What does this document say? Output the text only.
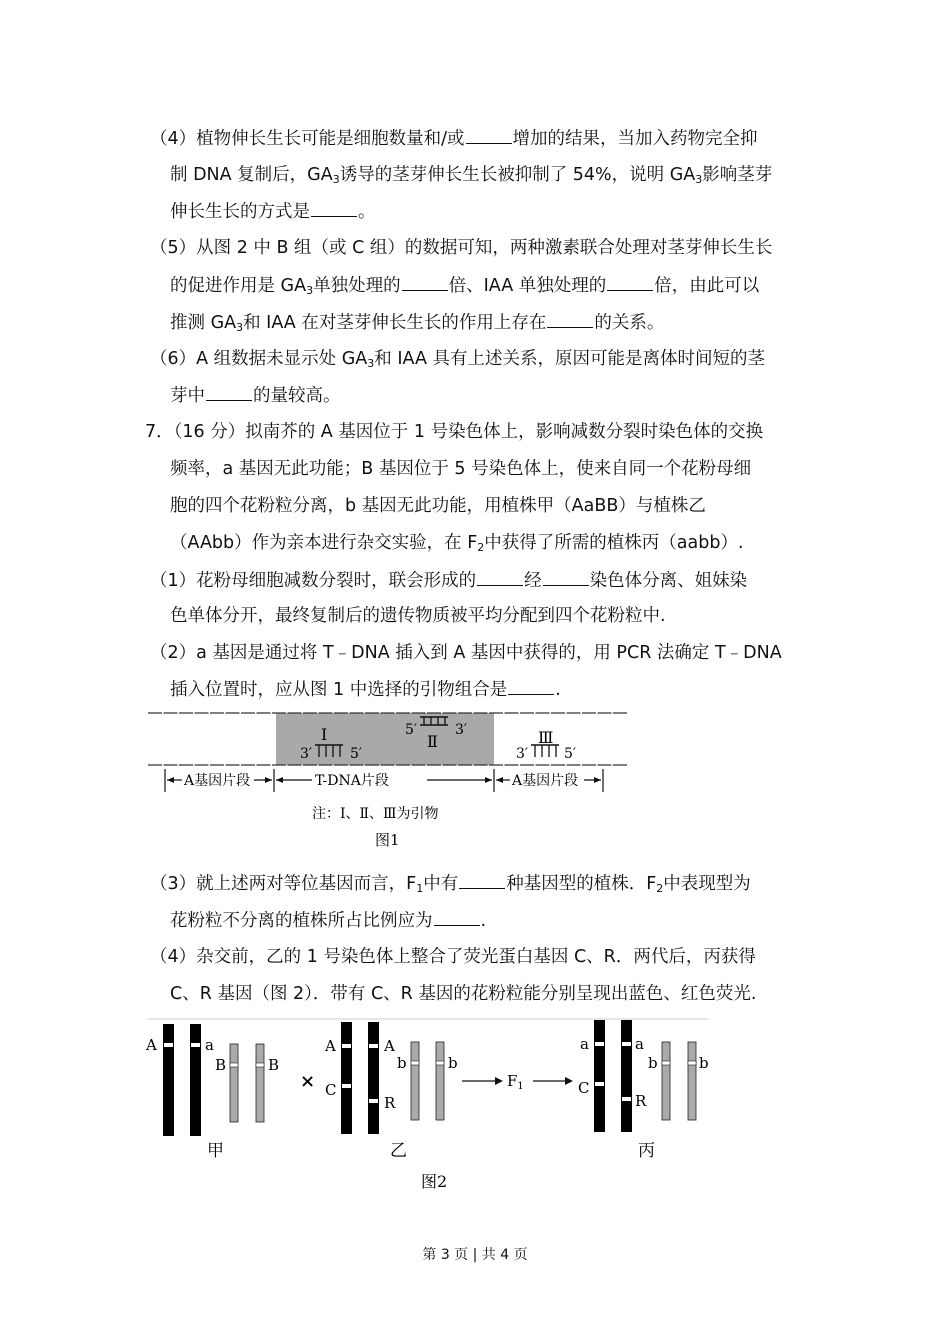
（4）植物伸长生长可能是细胞数量和/或	增加的结果，当加入药物完全抑
制 DNA 复制后，$GA_3$诱导的茎芽伸长生长被抑制了 54%，说明 $GA_3$影响茎芽
伸长生长的方式是	。
（5）从图 2 中 B 组（或 C 组）的数据可知，两种激素联合处理对茎芽伸长生长
的促进作用是 $GA_3$单独处理的	倍、IAA 单独处理的	倍，由此可以
推测 $GA_3$和 IAA 在对茎芽伸长生长的作用上存在	的关系。
（6）A 组数据未显示处 $GA_3$和 IAA 具有上述关系，原因可能是离体时间短的茎
芽中	的量较高。
7．（16 分）拟南芥的 A 基因位于 1 号染色体上，影响减数分裂时染色体的交换
频率，a 基因无此功能；B 基因位于 5 号染色体上，使来自同一个花粉母细
胞的四个花粉粒分离，b 基因无此功能，用植株甲（AaBB）与植株乙
（AAbb）作为亲本进行杂交实验，在 $F_2$中获得了所需的植株丙（aabb）.
（1）花粉母细胞减数分裂时，联会形成的	经	染色体分离、姐妹染
色单体分开，最终复制后的遗传物质被平均分配到四个花粉粒中.
（2）a 基因是通过将 T﹣DNA 插入到 A 基因中获得的，用 PCR 法确定 T﹣DNA
插入位置时，应从图 1 中选择的引物组合是	.
5′	3′
Ⅱ
Ⅰ
3′	5′
Ⅲ
3′	5′
A基因片段	T-DNA片段	A基因片段
注：Ⅰ、Ⅱ、Ⅲ为引物
图1
（3）就上述两对等位基因而言，$F_1$中有	种基因型的植株．$F_2$中表现型为
花粉粒不分离的植株所占比例应为	.
（4）杂交前，乙的 1 号染色体上整合了荧光蛋白基因 C、R．两代后，丙获得
C、R 基因（图 2）．带有 C、R 基因的花粉粒能分别呈现出蓝色、红色荧光.
A	a
B	B
甲
×
A
C
A
R
b	b
乙
$F_1$
a
C
a
R
b	b
丙
图2
第 3 页 | 共 4 页
